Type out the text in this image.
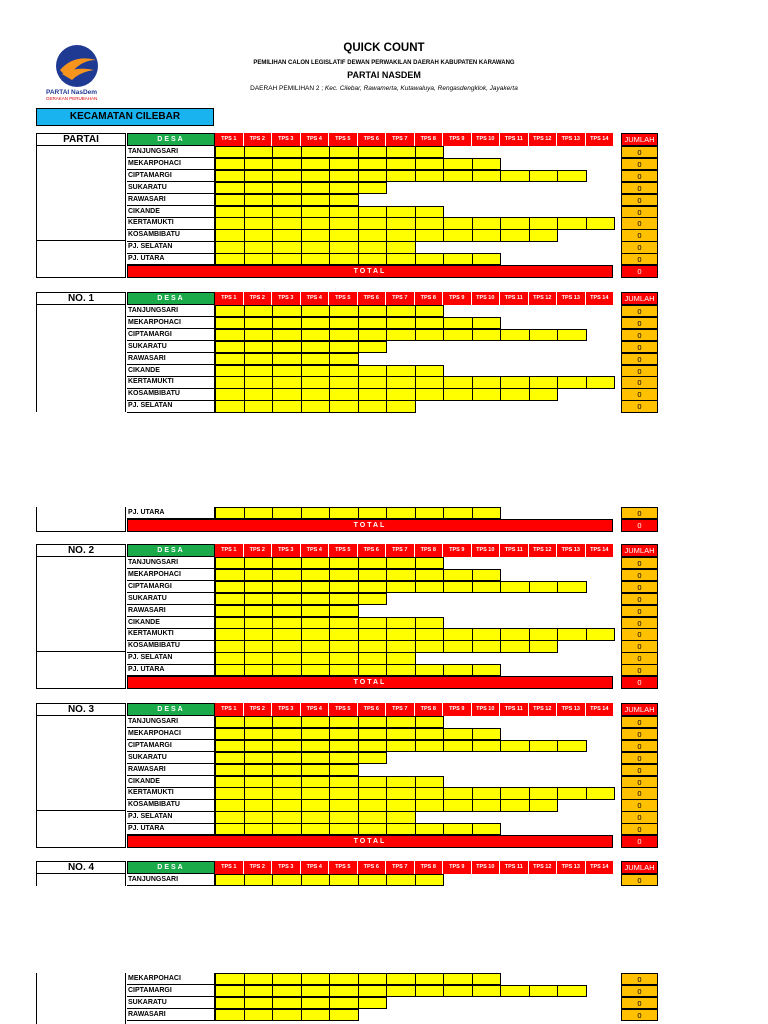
PARTAI NasDem
GERAKAN PERUBAHAN
QUICK COUNT
PEMILIHAN CALON LEGISLATIF DEWAN PERWAKILAN DAERAH KABUPATEN KARAWANG
PARTAI NASDEM
DAERAH PEMILIHAN 2 ; Kec. Cilebar, Rawamerta, Kutawaluya, Rengasdengklok, Jayakerta
KECAMATAN CILEBAR
PARTAI	DESA	TPS 1	TPS 2	TPS 3	TPS 4	TPS 5	TPS 6	TPS 7	TPS 8	TPS 9	TPS 10	TPS 11	TPS 12	TPS 13	TPS 14	JUMLAH
TANJUNGSARI	0
MEKARPOHACI	0
CIPTAMARGI	0
SUKARATU	0
RAWASARI	0
CIKANDE	0
KERTAMUKTI	0
KOSAMBIBATU	0
PJ. SELATAN	0
PJ. UTARA	0
TOTAL	0
NO. 1	DESA	TPS 1	TPS 2	TPS 3	TPS 4	TPS 5	TPS 6	TPS 7	TPS 8	TPS 9	TPS 10	TPS 11	TPS 12	TPS 13	TPS 14	JUMLAH
TANJUNGSARI	0
MEKARPOHACI	0
CIPTAMARGI	0
SUKARATU	0
RAWASARI	0
CIKANDE	0
KERTAMUKTI	0
KOSAMBIBATU	0
PJ. SELATAN	0
PJ. UTARA	0
TOTAL	0
NO. 2	DESA	TPS 1	TPS 2	TPS 3	TPS 4	TPS 5	TPS 6	TPS 7	TPS 8	TPS 9	TPS 10	TPS 11	TPS 12	TPS 13	TPS 14	JUMLAH
TANJUNGSARI	0
MEKARPOHACI	0
CIPTAMARGI	0
SUKARATU	0
RAWASARI	0
CIKANDE	0
KERTAMUKTI	0
KOSAMBIBATU	0
PJ. SELATAN	0
PJ. UTARA	0
TOTAL	0
NO. 3	DESA	TPS 1	TPS 2	TPS 3	TPS 4	TPS 5	TPS 6	TPS 7	TPS 8	TPS 9	TPS 10	TPS 11	TPS 12	TPS 13	TPS 14	JUMLAH
TANJUNGSARI	0
MEKARPOHACI	0
CIPTAMARGI	0
SUKARATU	0
RAWASARI	0
CIKANDE	0
KERTAMUKTI	0
KOSAMBIBATU	0
PJ. SELATAN	0
PJ. UTARA	0
TOTAL	0
NO. 4	DESA	TPS 1	TPS 2	TPS 3	TPS 4	TPS 5	TPS 6	TPS 7	TPS 8	TPS 9	TPS 10	TPS 11	TPS 12	TPS 13	TPS 14	JUMLAH
TANJUNGSARI	0
MEKARPOHACI	0
CIPTAMARGI	0
SUKARATU	0
RAWASARI	0
